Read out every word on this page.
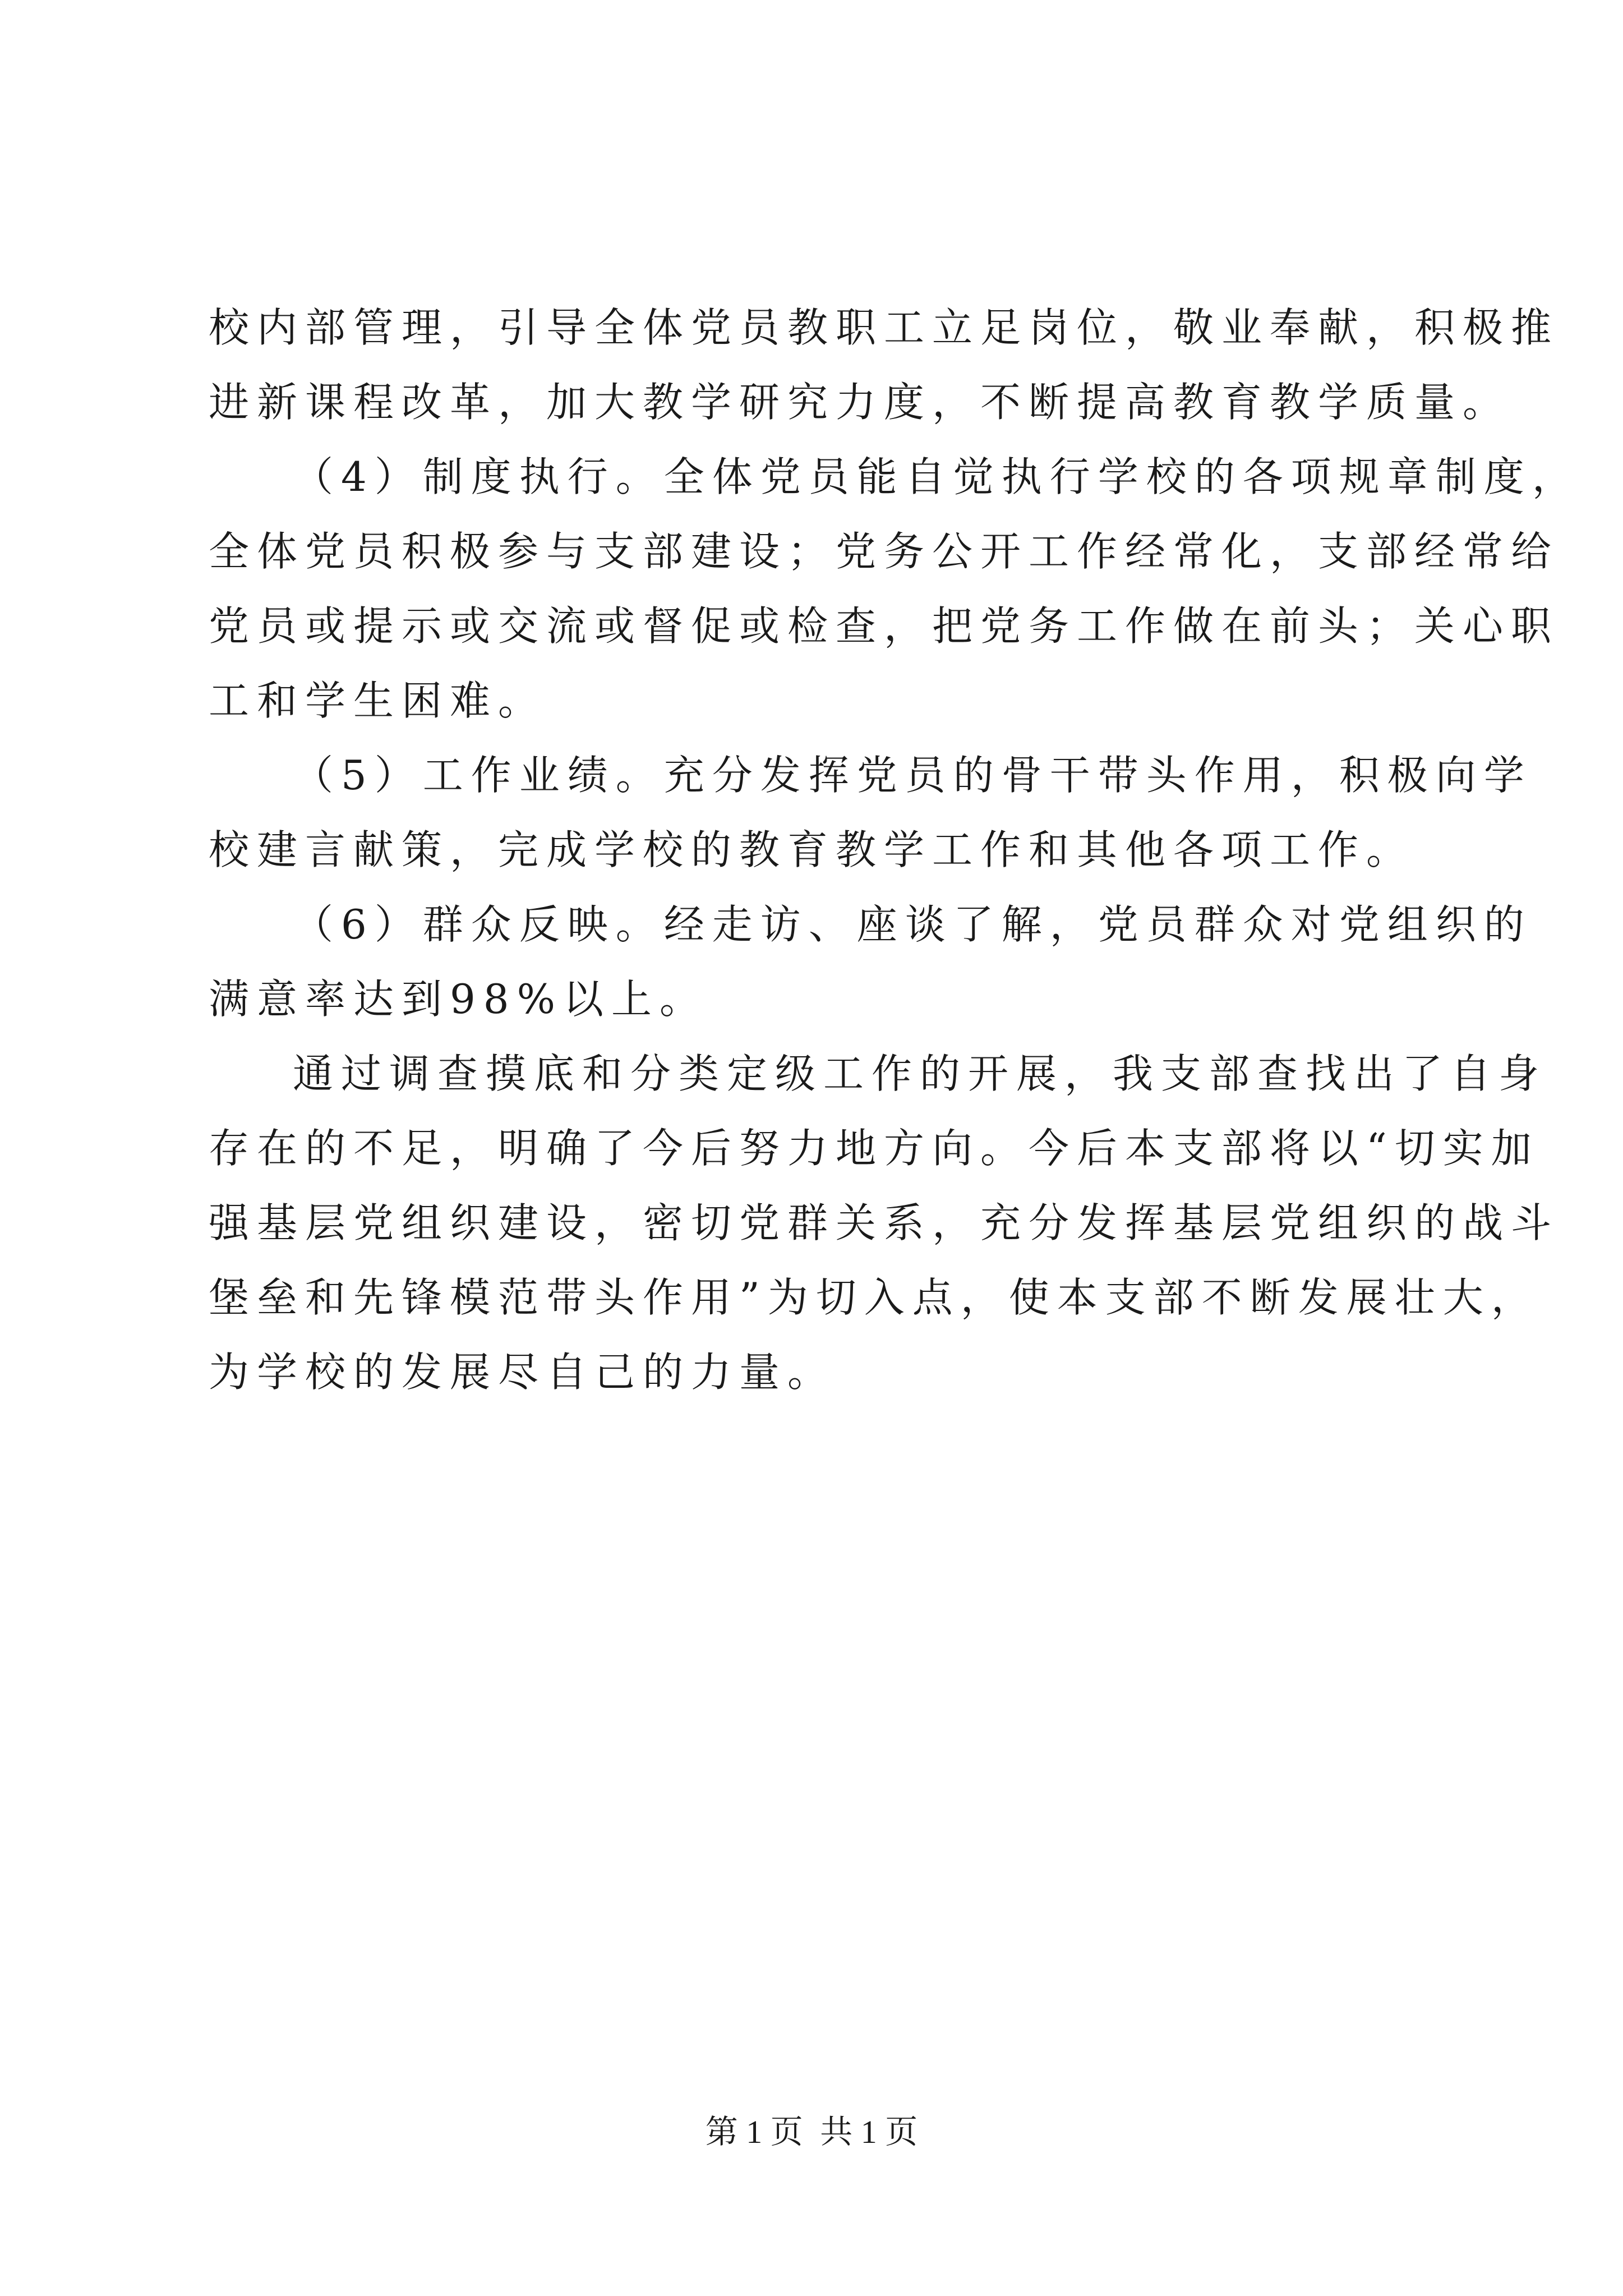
校内部管理，引导全体党员教职工立足岗位，敬业奉献，积极推
进新课程改革，加大教学研究力度，不断提高教育教学质量。
（4）制度执行。全体党员能自觉执行学校的各项规章制度，
全体党员积极参与支部建设；党务公开工作经常化，支部经常给
党员或提示或交流或督促或检查，把党务工作做在前头；关心职
工和学生困难。
（5）工作业绩。充分发挥党员的骨干带头作用，积极向学
校建言献策，完成学校的教育教学工作和其他各项工作。
（6）群众反映。经走访、座谈了解，党员群众对党组织的
满意率达到98%以上。
通过调查摸底和分类定级工作的开展，我支部查找出了自身
存在的不足，明确了今后努力地方向。今后本支部将以“切实加
强基层党组织建设，密切党群关系，充分发挥基层党组织的战斗
堡垒和先锋模范带头作用”为切入点，使本支部不断发展壮大，
为学校的发展尽自己的力量。
第 1 页 共 1 页
